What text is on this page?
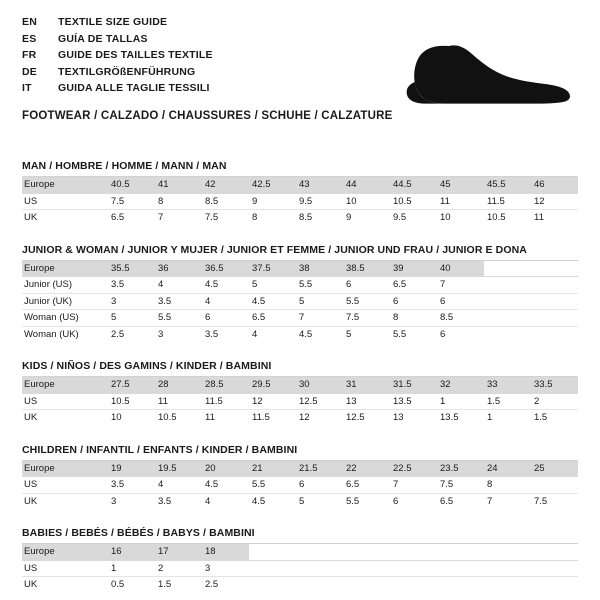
EN	TEXTILE SIZE GUIDE
ES	GUÍA DE TALLAS
FR	GUIDE DES TAILLES TEXTILE
DE	TEXTILGRÖßENFÜHRUNG
IT	GUIDA ALLE TAGLIE TESSILI
FOOTWEAR / CALZADO / CHAUSSURES / SCHUHE / CALZATURE
MAN / HOMBRE / HOMME / MANN / MAN
Europe	40.5	41	42	42.5	43	44	44.5	45	45.5	46
US	7.5	8	8.5	9	9.5	10	10.5	11	11.5	12
UK	6.5	7	7.5	8	8.5	9	9.5	10	10.5	11
JUNIOR & WOMAN / JUNIOR Y MUJER / JUNIOR ET FEMME / JUNIOR UND FRAU / JUNIOR E DONA
Europe	35.5	36	36.5	37.5	38	38.5	39	40		
Junior (US)	3.5	4	4.5	5	5.5	6	6.5	7		
Junior (UK)	3	3.5	4	4.5	5	5.5	6	6		
Woman (US)	5	5.5	6	6.5	7	7.5	8	8.5		
Woman (UK)	2.5	3	3.5	4	4.5	5	5.5	6		
KIDS / NIÑOS / DES GAMINS / KINDER / BAMBINI
Europe	27.5	28	28.5	29.5	30	31	31.5	32	33	33.5
US	10.5	11	11.5	12	12.5	13	13.5	1	1.5	2
UK	10	10.5	11	11.5	12	12.5	13	13.5	1	1.5
CHILDREN / INFANTIL / ENFANTS / KINDER / BAMBINI
Europe	19	19.5	20	21	21.5	22	22.5	23.5	24	25
US	3.5	4	4.5	5.5	6	6.5	7	7.5	8	
UK	3	3.5	4	4.5	5	5.5	6	6.5	7	7.5
BABIES / BEBÉS / BÉBÉS / BABYS / BAMBINI
Europe	16	17	18							
US	1	2	3							
UK	0.5	1.5	2.5							
